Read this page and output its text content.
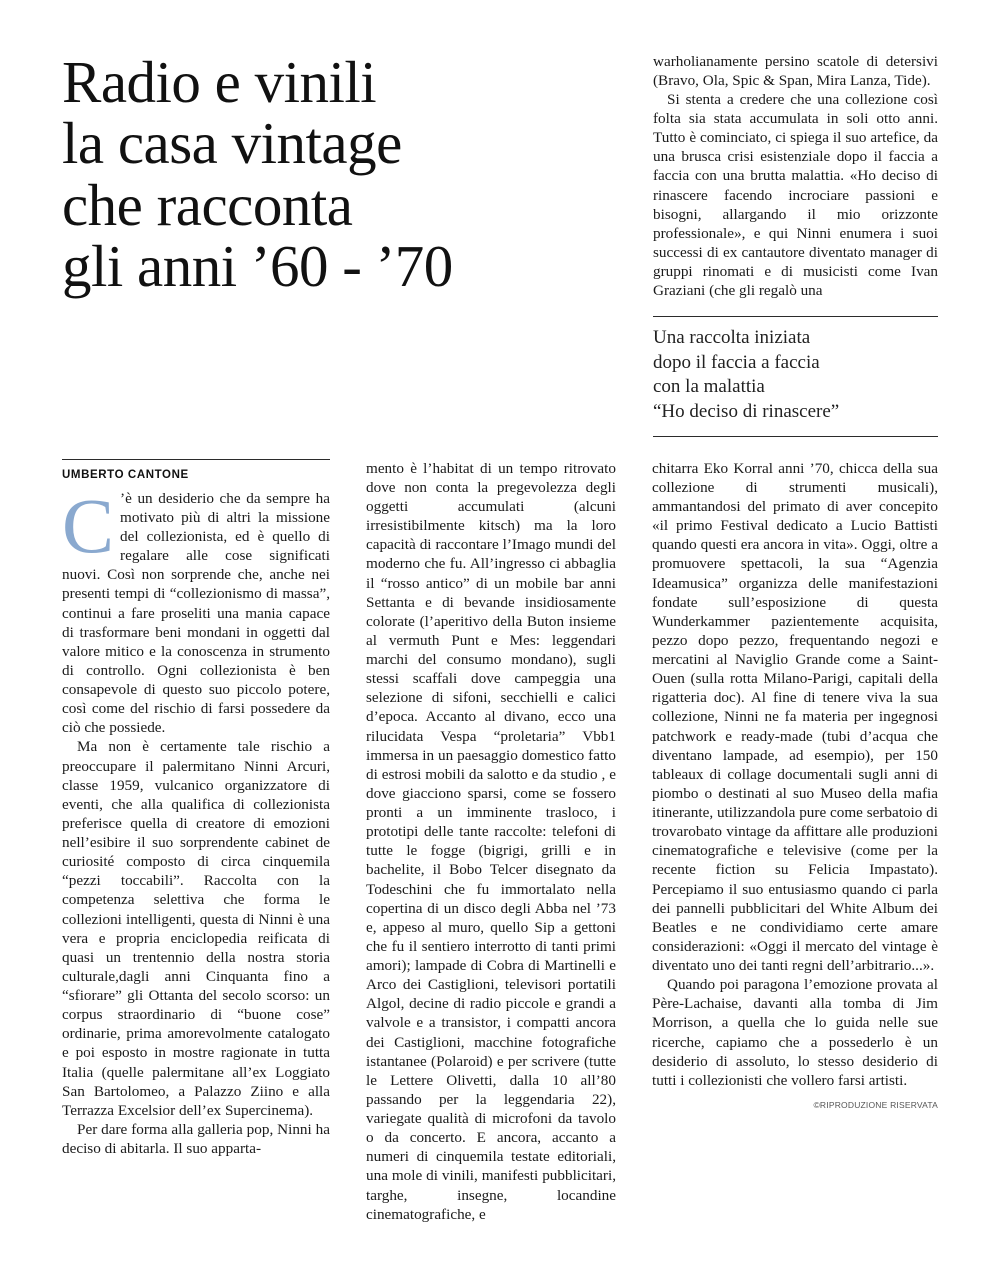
Radio e vinili
la casa vintage
che racconta
gli anni ’60 - ’70

warholianamente persino scatole di detersivi (Bravo, Ola, Spic & Span, Mira Lanza, Tide).

Si stenta a credere che una collezione così folta sia stata accumulata in soli otto anni. Tutto è cominciato, ci spiega il suo artefice, da una brusca crisi esistenziale dopo il faccia a faccia con una brutta malattia. «Ho deciso di rinascere facendo incrociare passioni e bisogni, allargando il mio orizzonte professionale», e qui Ninni enumera i suoi successi di ex cantautore diventato manager di gruppi rinomati e di musicisti come Ivan Graziani (che gli regalò una

Una raccolta iniziata
dopo il faccia a faccia
con la malattia
“Ho deciso di rinascere”

UMBERTO CANTONE

C ’è un desiderio che da sempre ha motivato più di altri la missione del collezionista, ed è quello di regalare alle cose significati nuovi. Così non sorprende che, anche nei presenti tempi di “collezionismo di massa”, continui a fare proseliti una mania capace di trasformare beni mondani in oggetti dal valore mitico e la conoscenza in strumento di controllo. Ogni collezionista è ben consapevole di questo suo piccolo potere, così come del rischio di farsi possedere da ciò che possiede.

Ma non è certamente tale rischio a preoccupare il palermitano Ninni Arcuri, classe 1959, vulcanico organizzatore di eventi, che alla qualifica di collezionista preferisce quella di creatore di emozioni nell’esibire il suo sorprendente cabinet de curiosité composto di circa cinquemila “pezzi toccabili”. Raccolta con la competenza selettiva che forma le collezioni intelligenti, questa di Ninni è una vera e propria enciclopedia reificata di quasi un trentennio della nostra storia culturale,dagli anni Cinquanta fino a “sfiorare” gli Ottanta del secolo scorso: un corpus straordinario di “buone cose” ordinarie, prima amorevolmente catalogato e poi esposto in mostre ragionate in tutta Italia (quelle palermitane all’ex Loggiato San Bartolomeo, a Palazzo Ziino e alla Terrazza Excelsior dell’ex Supercinema).

Per dare forma alla galleria pop, Ninni ha deciso di abitarla. Il suo apparta-

mento è l’habitat di un tempo ritrovato dove non conta la pregevolezza degli oggetti accumulati (alcuni irresistibilmente kitsch) ma la loro capacità di raccontare l’Imago mundi del moderno che fu. All’ingresso ci abbaglia il “rosso antico” di un mobile bar anni Settanta e di bevande insidiosamente colorate (l’aperitivo della Buton insieme al vermuth Punt e Mes: leggendari marchi del consumo mondano), sugli stessi scaffali dove campeggia una selezione di sifoni, secchielli e calici d’epoca. Accanto al divano, ecco una rilucidata Vespa “proletaria” Vbb1 immersa in un paesaggio domestico fatto di estrosi mobili da salotto e da studio , e dove giacciono sparsi, come se fossero pronti a un imminente trasloco, i prototipi delle tante raccolte: telefoni di tutte le fogge (bigrigi, grilli e in bachelite, il Bobo Telcer disegnato da Todeschini che fu immortalato nella copertina di un disco degli Abba nel ’73 e, appeso al muro, quello Sip a gettoni che fu il sentiero interrotto di tanti primi amori); lampade di Cobra di Martinelli e Arco dei Castiglioni, televisori portatili Algol, decine di radio piccole e grandi a valvole e a transistor, i compatti ancora dei Castiglioni, macchine fotografiche istantanee (Polaroid) e per scrivere (tutte le Lettere Olivetti, dalla 10 all’80 passando per la leggendaria 22), variegate qualità di microfoni da tavolo o da concerto. E ancora, accanto a numeri di cinquemila testate editoriali, una mole di vinili, manifesti pubblicitari, targhe, insegne, locandine cinematografiche, e

chitarra Eko Korral anni ’70, chicca della sua collezione di strumenti musicali), ammantandosi del primato di aver concepito «il primo Festival dedicato a Lucio Battisti quando questi era ancora in vita». Oggi, oltre a promuovere spettacoli, la sua “Agenzia Ideamusica” organizza delle manifestazioni fondate sull’esposizione di questa Wunderkammer pazientemente acquisita, pezzo dopo pezzo, frequentando negozi e mercatini al Naviglio Grande come a Saint-Ouen (sulla rotta Milano-Parigi, capitali della rigatteria doc). Al fine di tenere viva la sua collezione, Ninni ne fa materia per ingegnosi patchwork e ready-made (tubi d’acqua che diventano lampade, ad esempio), per 150 tableaux di collage documentali sugli anni di piombo o destinati al suo Museo della mafia itinerante, utilizzandola pure come serbatoio di trovarobato vintage da affittare alle produzioni cinematografiche e televisive (come per la recente fiction su Felicia Impastato). Percepiamo il suo entusiasmo quando ci parla dei pannelli pubblicitari del White Album dei Beatles e ne condividiamo certe amare considerazioni: «Oggi il mercato del vintage è diventato uno dei tanti regni dell’arbitrario...».

Quando poi paragona l’emozione provata al Père-Lachaise, davanti alla tomba di Jim Morrison, a quella che lo guida nelle sue ricerche, capiamo che a possederlo è un desiderio di assoluto, lo stesso desiderio di tutti i collezionisti che vollero farsi artisti.

©RIPRODUZIONE RISERVATA
